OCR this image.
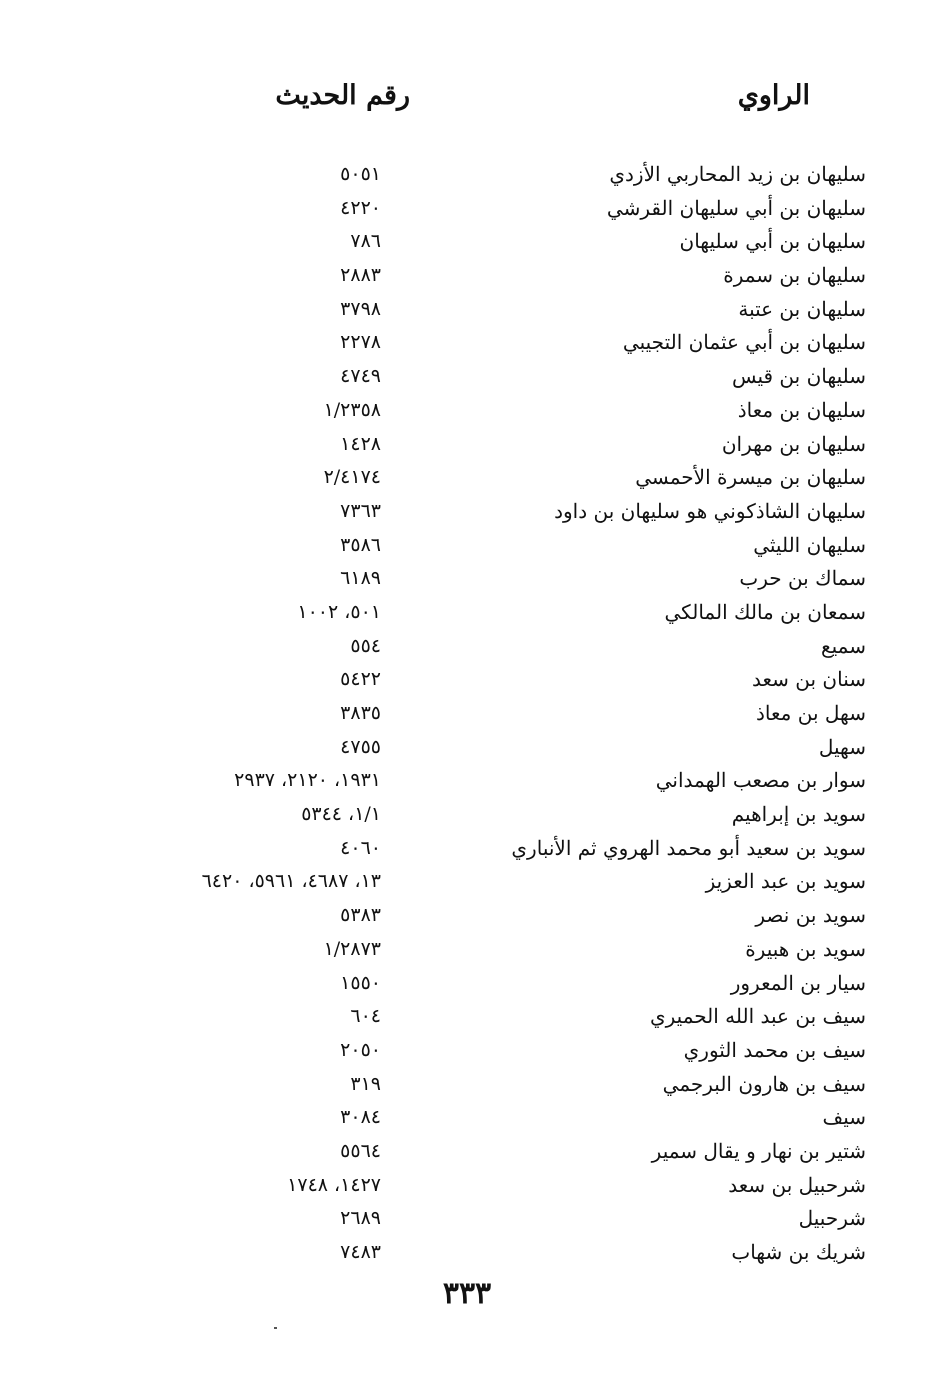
الراوي
رقم الحديث
سليهان بن زيد المحاربي الأزدي
٥٠٥١
سليهان بن أبي سليهان القرشي
٤٢٢٠
سليهان بن أبي سليهان
٧٨٦
سليهان بن سمرة
٢٨٨٣
سليهان بن عتبة
٣٧٩٨
سليهان بن أبي عثمان التجيبي
٢٢٧٨
سليهان بن قيس
٤٧٤٩
سليهان بن معاذ
١/٢٣٥٨
سليهان بن مهران
١٤٢٨
سليهان بن ميسرة الأحمسي
٢/٤١٧٤
سليهان الشاذكوني هو سليهان بن داود
٧٣٦٣
سليهان الليثي
٣٥٨٦
سماك بن حرب
٦١٨٩
سمعان بن مالك المالكي
٥٠١، ١٠٠٢
سميع
٥٥٤
سنان بن سعد
٥٤٢٢
سهل بن معاذ
٣٨٣٥
سهيل
٤٧٥٥
سوار بن مصعب الهمداني
١٩٣١، ٢١٢٠، ٢٩٣٧
سويد بن إبراهيم
١/١، ٥٣٤٤
سويد بن سعيد أبو محمد الهروي ثم الأنباري
٤٠٦٠
سويد بن عبد العزيز
١٣، ٤٦٨٧، ٥٩٦١، ٦٤٢٠
سويد بن نصر
٥٣٨٣
سويد بن هبيرة
١/٢٨٧٣
سيار بن المعرور
١٥٥٠
سيف بن عبد الله الحميري
٦٠٤
سيف بن محمد الثوري
٢٠٥٠
سيف بن هارون البرجمي
٣١٩
سيف
٣٠٨٤
شتير بن نهار و يقال سمير
٥٥٦٤
شرحبيل بن سعد
١٤٢٧، ١٧٤٨
شرحبيل
٢٦٨٩
شريك بن شهاب
٧٤٨٣
٣٣٣
